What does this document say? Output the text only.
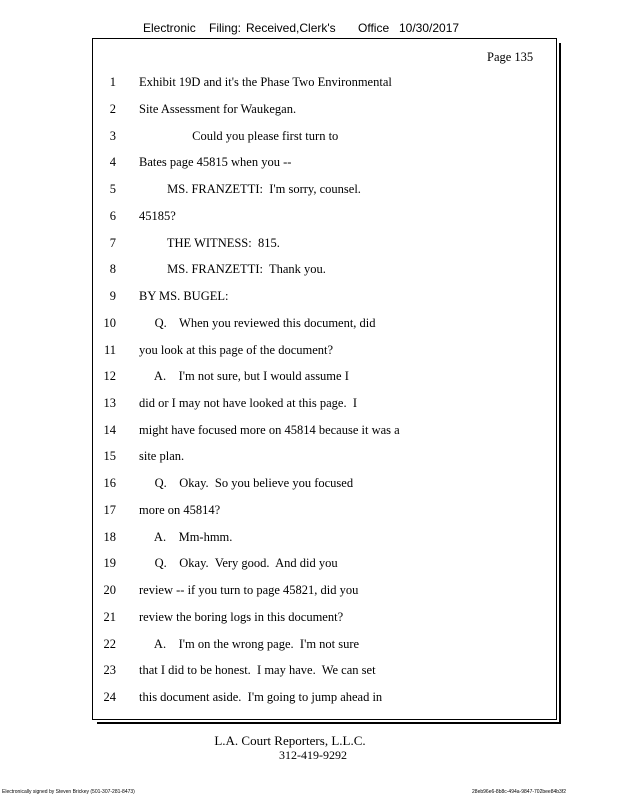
Electronic Filing: Received,Clerk's Office 10/30/2017
Page 135
1 Exhibit 19D and it's the Phase Two Environmental
2 Site Assessment for Waukegan.
3 Could you please first turn to
4 Bates page 45815 when you --
5 MS. FRANZETTI:  I'm sorry, counsel.
6 45185?
7 THE WITNESS:  815.
8 MS. FRANZETTI:  Thank you.
9 BY MS. BUGEL:
10 Q.    When you reviewed this document, did
11 you look at this page of the document?
12 A.    I'm not sure, but I would assume I
13 did or I may not have looked at this page.  I
14 might have focused more on 45814 because it was a
15 site plan.
16 Q.    Okay.  So you believe you focused
17 more on 45814?
18 A.    Mm-hmm.
19 Q.    Okay.  Very good.  And did you
20 review -- if you turn to page 45821, did you
21 review the boring logs in this document?
22 A.    I'm on the wrong page.  I'm not sure
23 that I did to be honest.  I may have.  We can set
24 this document aside.  I'm going to jump ahead in
L.A. Court Reporters, L.L.C.
312-419-9292
Electronically signed by Steven Brickey (501-307-281-8473)	28eb96e6-8b8c-494a-9847-702bee84b3f2
